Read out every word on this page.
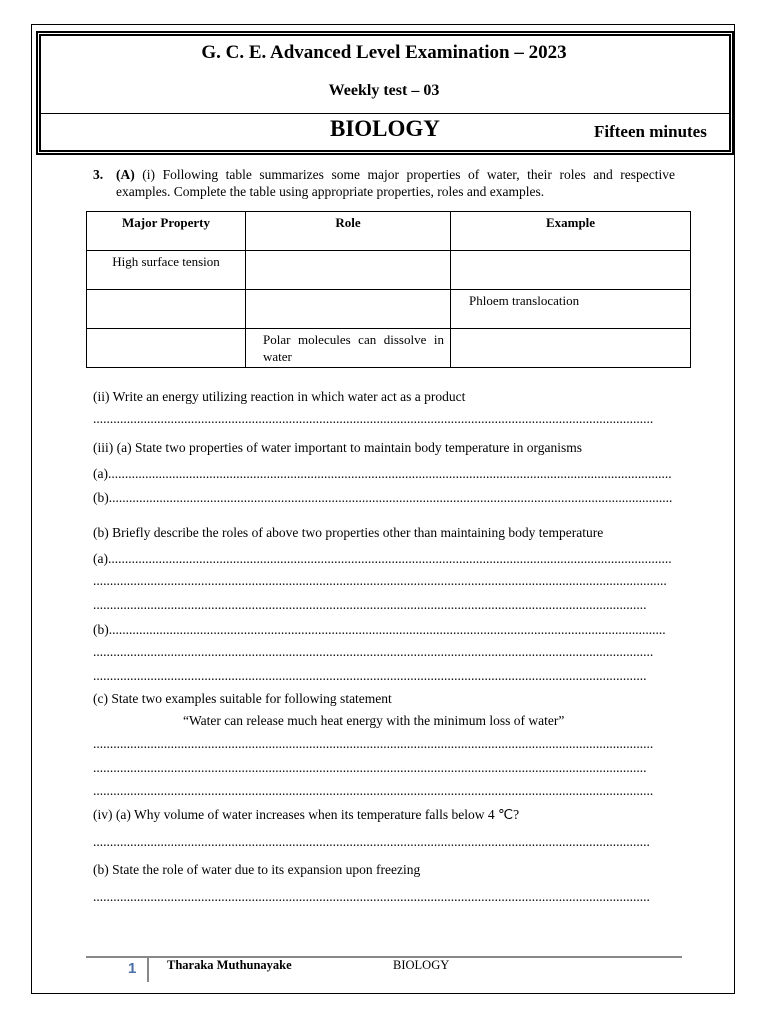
G. C. E. Advanced Level Examination – 2023
Weekly test – 03
BIOLOGY	Fifteen minutes
3. (A) (i) Following table summarizes some major properties of water, their roles and respective examples. Complete the table using appropriate properties, roles and examples.
Major Property	Role	Example
High surface tension		
		Phloem translocation
	Polar molecules can dissolve in water	
(ii) Write an energy utilizing reaction in which water act as a product
......................................................................................................................................................................
(iii) (a) State two properties of water important to maintain body temperature in organisms
(a).......................................................................................................................................................................
(b).......................................................................................................................................................................
(b) Briefly describe the roles of above two properties other than maintaining body temperature
(a).......................................................................................................................................................................
..........................................................................................................................................................................
....................................................................................................................................................................
(b).....................................................................................................................................................................
......................................................................................................................................................................
....................................................................................................................................................................
(c) State two examples suitable for following statement
“Water can release much heat energy with the minimum loss of water”
......................................................................................................................................................................
....................................................................................................................................................................
......................................................................................................................................................................
(iv) (a) Why volume of water increases when its temperature falls below 4 ℃?
.....................................................................................................................................................................
(b) State the role of water due to its expansion upon freezing
.....................................................................................................................................................................
1 Tharaka Muthunayake	BIOLOGY
